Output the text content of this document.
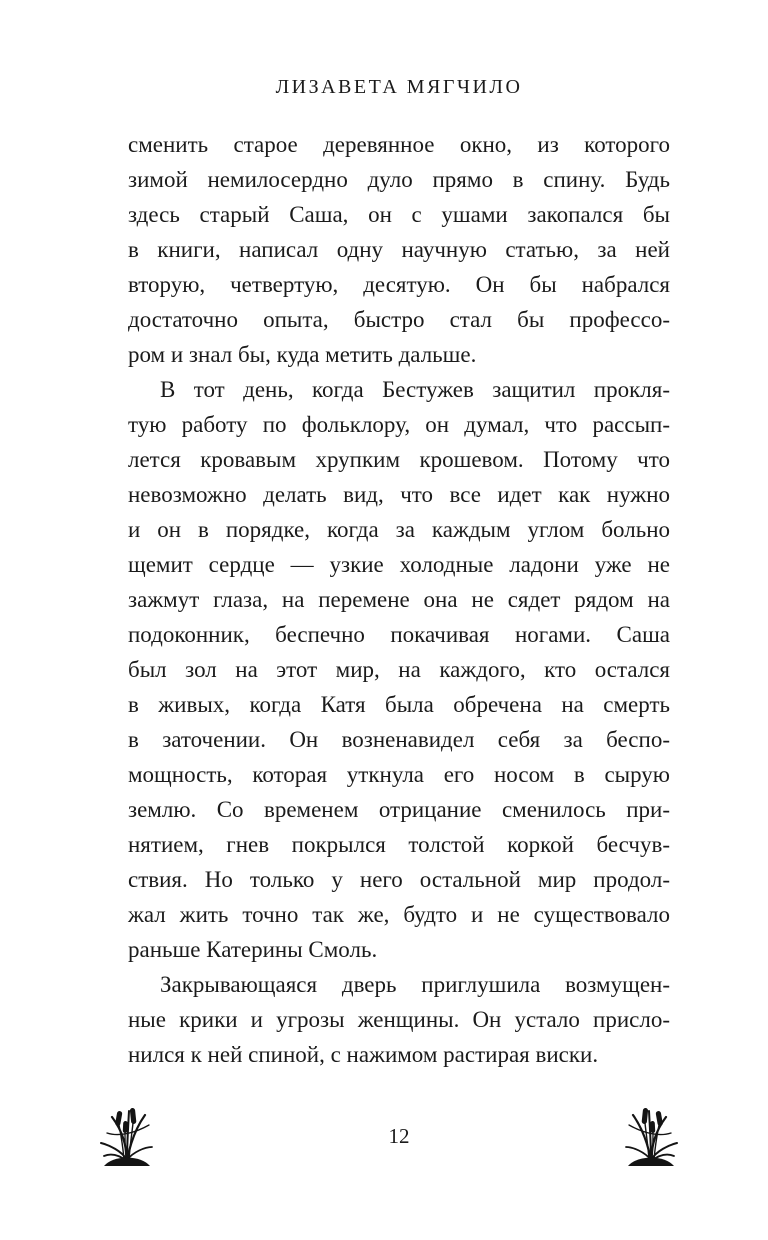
ЛИЗАВЕТА МЯГЧИЛО
сменить старое деревянное окно, из которого
зимой немилосердно дуло прямо в спину. Будь
здесь старый Саша, он с ушами закопался бы
в книги, написал одну научную статью, за ней
вторую, четвертую, десятую. Он бы набрался
достаточно опыта, быстро стал бы профессо-
ром и знал бы, куда метить дальше.
В тот день, когда Бестужев защитил прокля-
тую работу по фольклору, он думал, что рассып-
лется кровавым хрупким крошевом. Потому что
невозможно делать вид, что все идет как нужно
и он в порядке, когда за каждым углом больно
щемит сердце — узкие холодные ладони уже не
зажмут глаза, на перемене она не сядет рядом на
подоконник, беспечно покачивая ногами. Саша
был зол на этот мир, на каждого, кто остался
в живых, когда Катя была обречена на смерть
в заточении. Он возненавидел себя за беспо-
мощность, которая уткнула его носом в сырую
землю. Со временем отрицание сменилось при-
нятием, гнев покрылся толстой коркой бесчув-
ствия. Но только у него остальной мир продол-
жал жить точно так же, будто и не существовало
раньше Катерины Смоль.
Закрывающаяся дверь приглушила возмущен-
ные крики и угрозы женщины. Он устало присло-
нился к ней спиной, с нажимом растирая виски.
12
